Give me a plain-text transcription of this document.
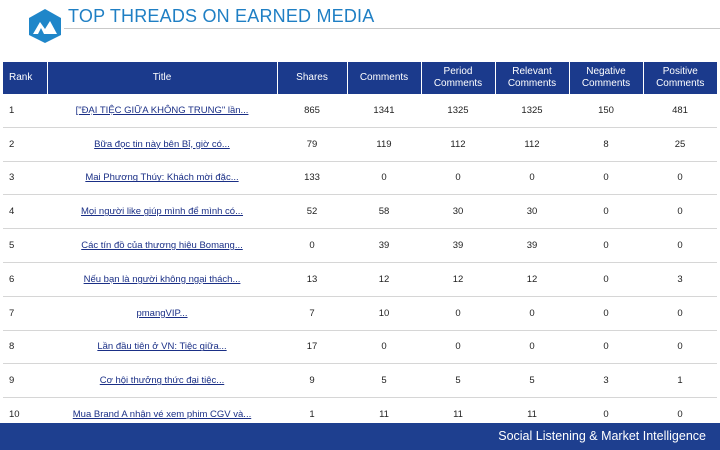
TOP THREADS ON EARNED MEDIA
Rank	Title	Shares	Comments	Period Comments	Relevant Comments	Negative Comments	Positive Comments
1	["ĐẠI TIỆC GIỮA KHÔNG TRUNG" lần...	865	1341	1325	1325	150	481
2	Bữa đọc tin này bên Bỉ, giờ có...	79	119	112	112	8	25
3	Mai Phương Thúy: Khách mời đặc...	133	0	0	0	0	0
4	Mọi người like giúp mình để mình có...	52	58	30	30	0	0
5	Các tín đồ của thương hiệu Bomang...	0	39	39	39	0	0
6	Nếu bạn là người không ngại thách...	13	12	12	12	0	3
7	pmangVIP...	7	10	0	0	0	0
8	Lần đầu tiên ở VN: Tiệc giữa...	17	0	0	0	0	0
9	Cơ hội thưởng thức đại tiệc...	9	5	5	5	3	1
10	Mua Brand A nhận vé xem phim CGV và...	1	11	11	11	0	0
Social Listening & Market Intelligence
